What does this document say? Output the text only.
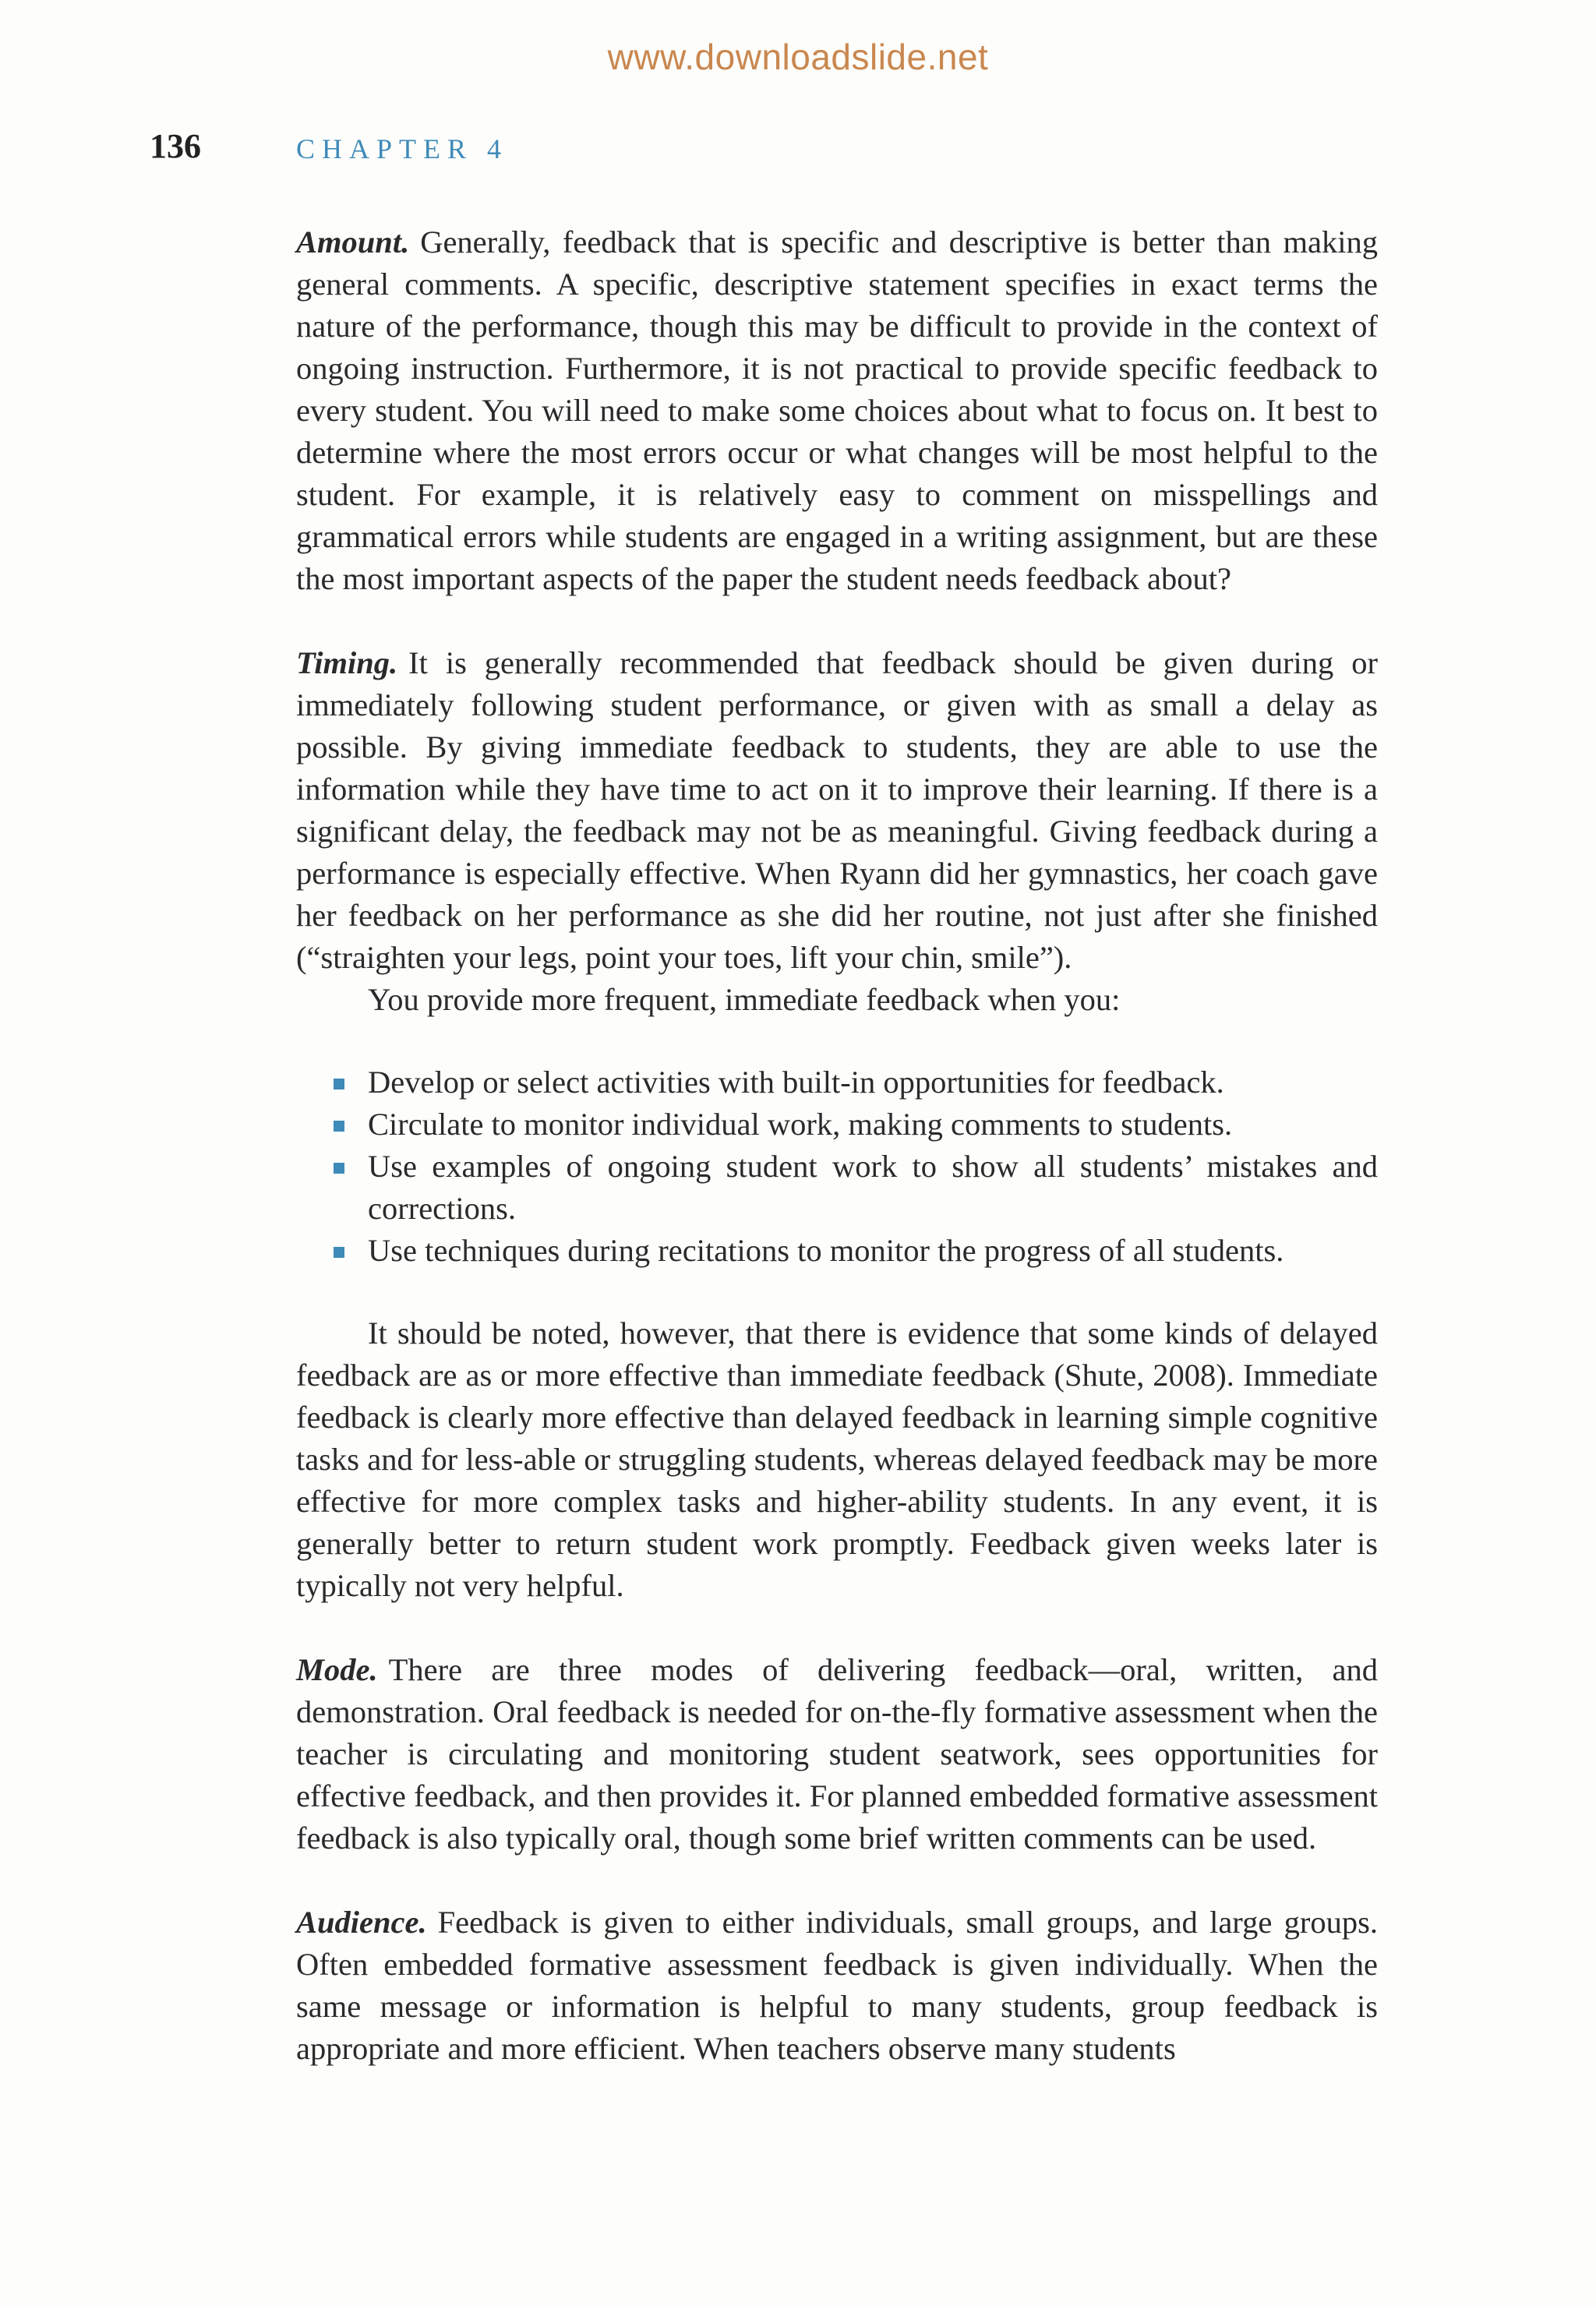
www.downloadslide.net
136	CHAPTER 4

Amount. Generally, feedback that is specific and descriptive is better than making general comments. A specific, descriptive statement specifies in exact terms the nature of the performance, though this may be difficult to provide in the context of ongoing instruction. Furthermore, it is not practical to provide specific feedback to every student. You will need to make some choices about what to focus on. It best to determine where the most errors occur or what changes will be most helpful to the student. For example, it is relatively easy to comment on misspellings and grammatical errors while students are engaged in a writing assignment, but are these the most important aspects of the paper the student needs feedback about?

Timing. It is generally recommended that feedback should be given during or immediately following student performance, or given with as small a delay as possible. By giving immediate feedback to students, they are able to use the information while they have time to act on it to improve their learning. If there is a significant delay, the feedback may not be as meaningful. Giving feedback during a performance is especially effective. When Ryann did her gymnastics, her coach gave her feedback on her performance as she did her routine, not just after she finished (“straighten your legs, point your toes, lift your chin, smile”).

You provide more frequent, immediate feedback when you:

Develop or select activities with built-in opportunities for feedback.
Circulate to monitor individual work, making comments to students.
Use examples of ongoing student work to show all students’ mistakes and corrections.
Use techniques during recitations to monitor the progress of all students.

It should be noted, however, that there is evidence that some kinds of delayed feedback are as or more effective than immediate feedback (Shute, 2008). Immediate feedback is clearly more effective than delayed feedback in learning simple cognitive tasks and for less-able or struggling students, whereas delayed feedback may be more effective for more complex tasks and higher-ability students. In any event, it is generally better to return student work promptly. Feedback given weeks later is typically not very helpful.

Mode. There are three modes of delivering feedback—oral, written, and demonstration. Oral feedback is needed for on-the-fly formative assessment when the teacher is circulating and monitoring student seatwork, sees opportunities for effective feedback, and then provides it. For planned embedded formative assessment feedback is also typically oral, though some brief written comments can be used.

Audience. Feedback is given to either individuals, small groups, and large groups. Often embedded formative assessment feedback is given individually. When the same message or information is helpful to many students, group feedback is appropriate and more efficient. When teachers observe many students
